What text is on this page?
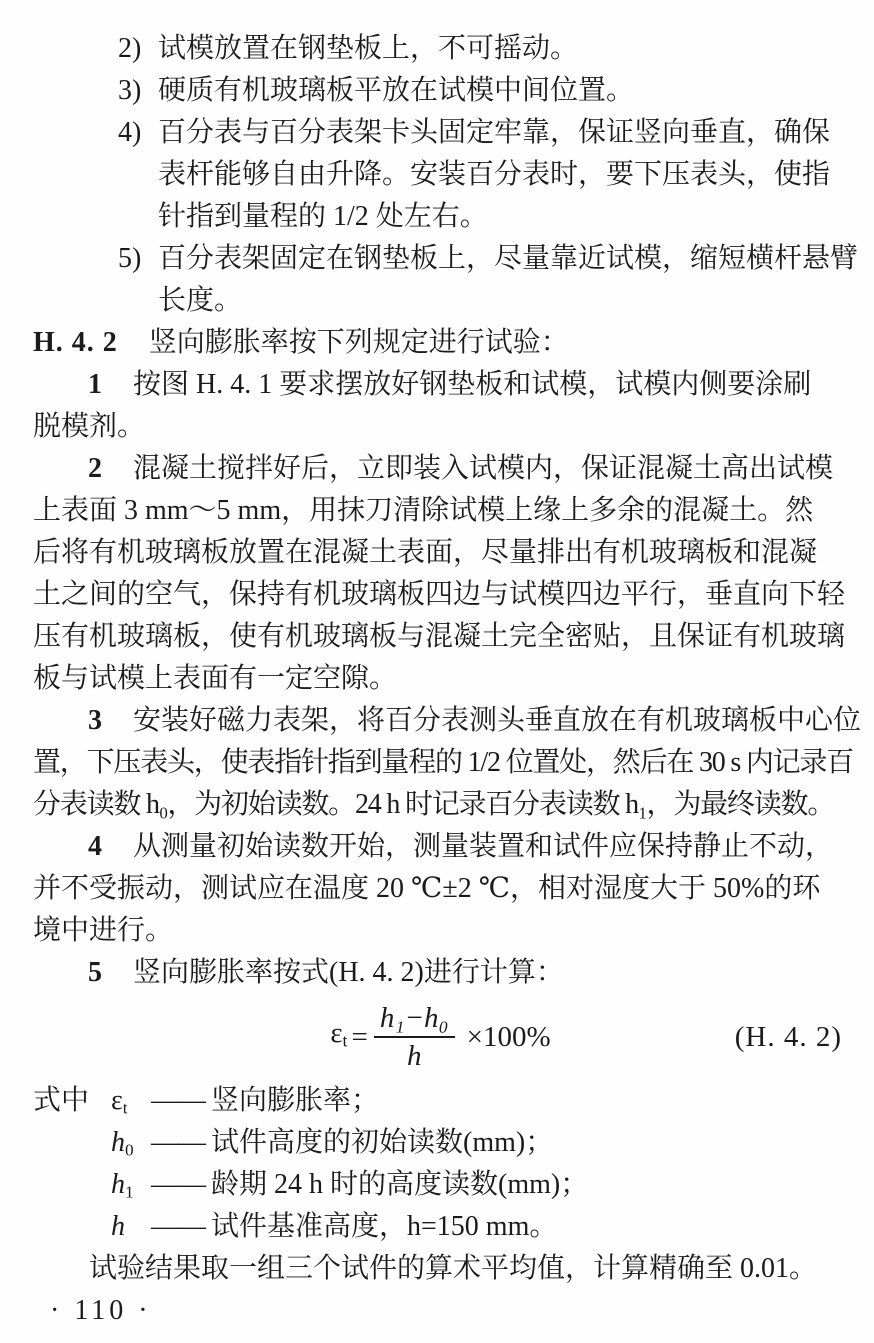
2) 试模放置在钢垫板上，不可摇动。
3) 硬质有机玻璃板平放在试模中间位置。
4) 百分表与百分表架卡头固定牢靠，保证竖向垂直，确保
表杆能够自由升降。安装百分表时，要下压表头，使指
针指到量程的 1/2 处左右。
5) 百分表架固定在钢垫板上，尽量靠近试模，缩短横杆悬臂
长度。
H. 4. 2 竖向膨胀率按下列规定进行试验：
1 按图 H. 4. 1 要求摆放好钢垫板和试模，试模内侧要涂刷
脱模剂。
2 混凝土搅拌好后，立即装入试模内，保证混凝土高出试模
上表面 3 mm～5 mm，用抹刀清除试模上缘上多余的混凝土。然
后将有机玻璃板放置在混凝土表面，尽量排出有机玻璃板和混凝
土之间的空气，保持有机玻璃板四边与试模四边平行，垂直向下轻
压有机玻璃板，使有机玻璃板与混凝土完全密贴，且保证有机玻璃
板与试模上表面有一定空隙。
3 安装好磁力表架，将百分表测头垂直放在有机玻璃板中心位
置，下压表头，使表指针指到量程的 1/2 位置处，然后在 30 s 内记录百
分表读数 h₀，为初始读数。24 h 时记录百分表读数 h₁，为最终读数。
4 从测量初始读数开始，测量装置和试件应保持静止不动，
并不受振动，测试应在温度 20 ℃±2 ℃，相对湿度大于 50%的环
境中进行。
5 竖向膨胀率按式(H. 4. 2)进行计算：
$\varepsilon t = \frac{\text{h₁−h₀}}{h} \times 100\%$	(H. 4. 2)
式中 εt —— 竖向膨胀率；
h0 —— 试件高度的初始读数(mm)；
h1 —— 龄期 24 h 时的高度读数(mm)；
h —— 试件基准高度，h=150 mm。
试验结果取一组三个试件的算术平均值，计算精确至 0.01。
· 110 ·
